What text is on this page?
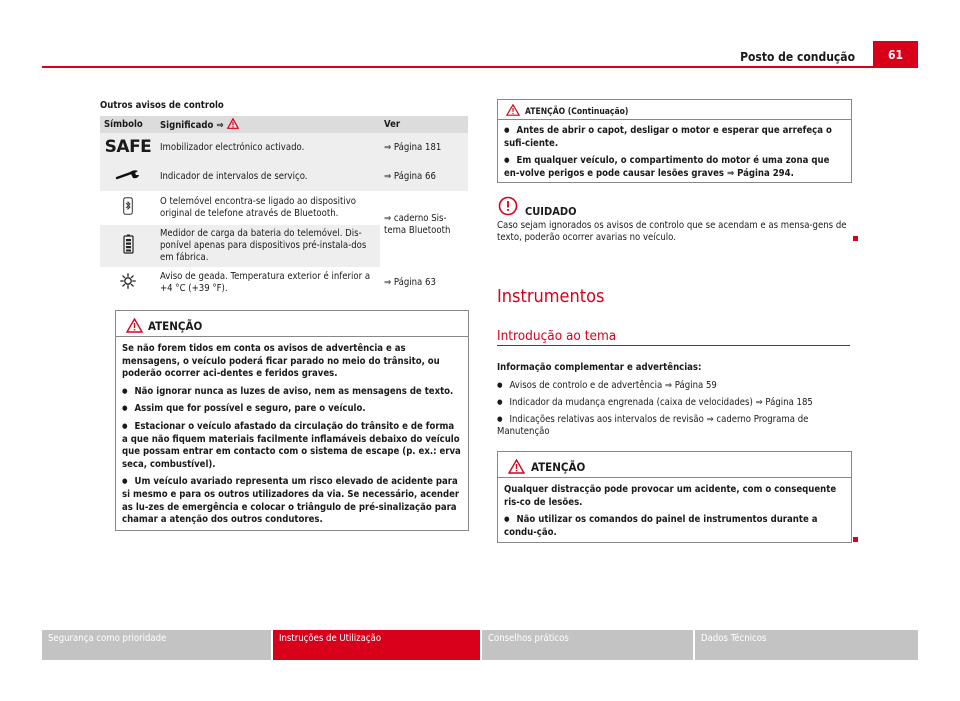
Posto de condução	61
Outros avisos de controlo
Símbolo	Significado ⇒	Ver
SAFE	Imobilizador electrónico activado.	⇒ Página 181
	Indicador de intervalos de serviço.	⇒ Página 66
	O telemóvel encontra-se ligado ao dispositivo original de telefone através de Bluetooth.	⇒ caderno Sis-tema Bluetooth
	Medidor de carga da bateria do telemóvel. Dis-ponível apenas para dispositivos pré-instala-dos em fábrica.	
	Aviso de geada. Temperatura exterior é inferior a +4 °C (+39 °F).	⇒ Página 63
ATENÇÃO

Se não forem tidos em conta os avisos de advertência e as mensagens, o veículo poderá ficar parado no meio do trânsito, ou poderão ocorrer aci-dentes e feridos graves.

● Não ignorar nunca as luzes de aviso, nem as mensagens de texto.

● Assim que for possível e seguro, pare o veículo.

● Estacionar o veículo afastado da circulação do trânsito e de forma a que não fiquem materiais facilmente inflamáveis debaixo do veículo que possam entrar em contacto com o sistema de escape (p. ex.: erva seca, combustível).

● Um veículo avariado representa um risco elevado de acidente para si mesmo e para os outros utilizadores da via. Se necessário, acender as lu-zes de emergência e colocar o triângulo de pré-sinalização para chamar a atenção dos outros condutores.

ATENÇÃO (Continuação)

● Antes de abrir o capot, desligar o motor e esperar que arrefeça o sufi-ciente.

● Em qualquer veículo, o compartimento do motor é uma zona que en-volve perigos e pode causar lesões graves ⇒ Página 294.

CUIDADO
Caso sejam ignorados os avisos de controlo que se acendam e as mensa-gens de texto, poderão ocorrer avarias no veículo.
Instrumentos
Introdução ao tema
Informação complementar e advertências:
● Avisos de controlo e de advertência ⇒ Página 59
● Indicador da mudança engrenada (caixa de velocidades) ⇒ Página 185
● Indicações relativas aos intervalos de revisão ⇒ caderno Programa de Manutenção
ATENÇÃO

Qualquer distracção pode provocar um acidente, com o consequente ris-co de lesões.

● Não utilizar os comandos do painel de instrumentos durante a condu-ção.

Segurança como prioridade	Instruções de Utilização	Conselhos práticos	Dados Técnicos
